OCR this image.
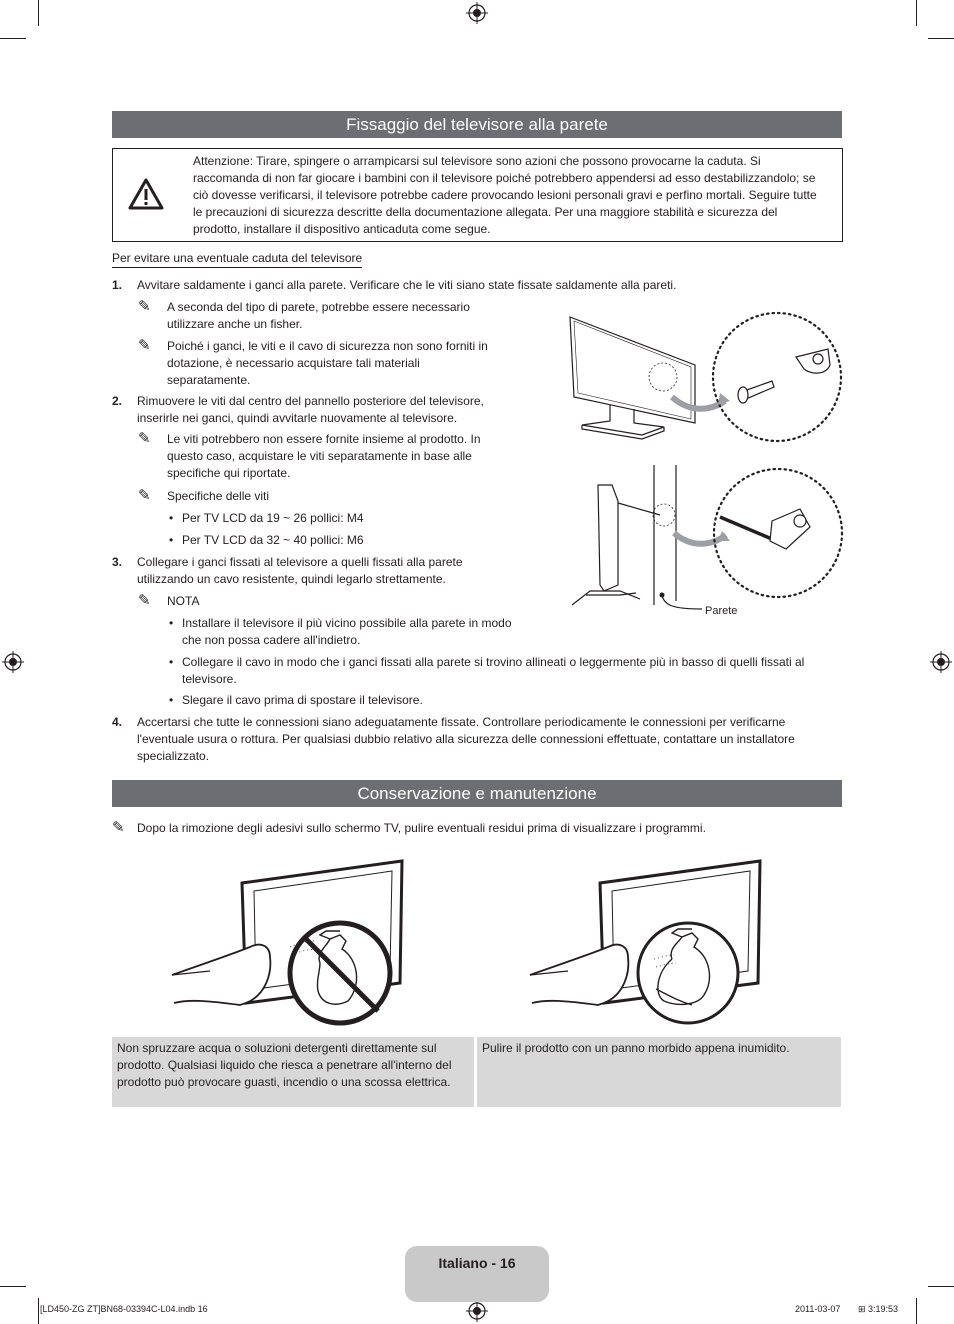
Fissaggio del televisore alla parete
Attenzione: Tirare, spingere o arrampicarsi sul televisore sono azioni che possono provocarne la caduta. Si raccomanda di non far giocare i bambini con il televisore poiché potrebbero appendersi ad esso destabilizzandolo; se ciò dovesse verificarsi, il televisore potrebbe cadere provocando lesioni personali gravi e perfino mortali. Seguire tutte le precauzioni di sicurezza descritte della documentazione allegata. Per una maggiore stabilità e sicurezza del prodotto, installare il dispositivo anticaduta come segue.
Per evitare una eventuale caduta del televisore
1. Avvitare saldamente i ganci alla parete. Verificare che le viti siano state fissate saldamente alla pareti.
✎ A seconda del tipo di parete, potrebbe essere necessario utilizzare anche un fisher.
✎ Poiché i ganci, le viti e il cavo di sicurezza non sono forniti in dotazione, è necessario acquistare tali materiali separatamente.
2. Rimuovere le viti dal centro del pannello posteriore del televisore, inserirle nei ganci, quindi avvitarle nuovamente al televisore.
✎ Le viti potrebbero non essere fornite insieme al prodotto. In questo caso, acquistare le viti separatamente in base alle specifiche qui riportate.
✎ Specifiche delle viti
• Per TV LCD da 19 ~ 26 pollici: M4
• Per TV LCD da 32 ~ 40 pollici: M6
3. Collegare i ganci fissati al televisore a quelli fissati alla parete utilizzando un cavo resistente, quindi legarlo strettamente.
✎ NOTA
• Installare il televisore il più vicino possibile alla parete in modo che non possa cadere all'indietro.
• Collegare il cavo in modo che i ganci fissati alla parete si trovino allineati o leggermente più in basso di quelli fissati al televisore.
• Slegare il cavo prima di spostare il televisore.
4. Accertarsi che tutte le connessioni siano adeguatamente fissate. Controllare periodicamente le connessioni per verificarne l'eventuale usura o rottura. Per qualsiasi dubbio relativo alla sicurezza delle connessioni effettuate, contattare un installatore specializzato.
Parete
Conservazione e manutenzione
✎ Dopo la rimozione degli adesivi sullo schermo TV, pulire eventuali residui prima di visualizzare i programmi.
Non spruzzare acqua o soluzioni detergenti direttamente sul prodotto. Qualsiasi liquido che riesca a penetrare all'interno del prodotto può provocare guasti, incendio o una scossa elettrica.
Pulire il prodotto con un panno morbido appena inumidito.
Italiano - 16
[LD450-ZG ZT]BN68-03394C-L04.indb 16	2011-03-07 ⊞ 3:19:53
